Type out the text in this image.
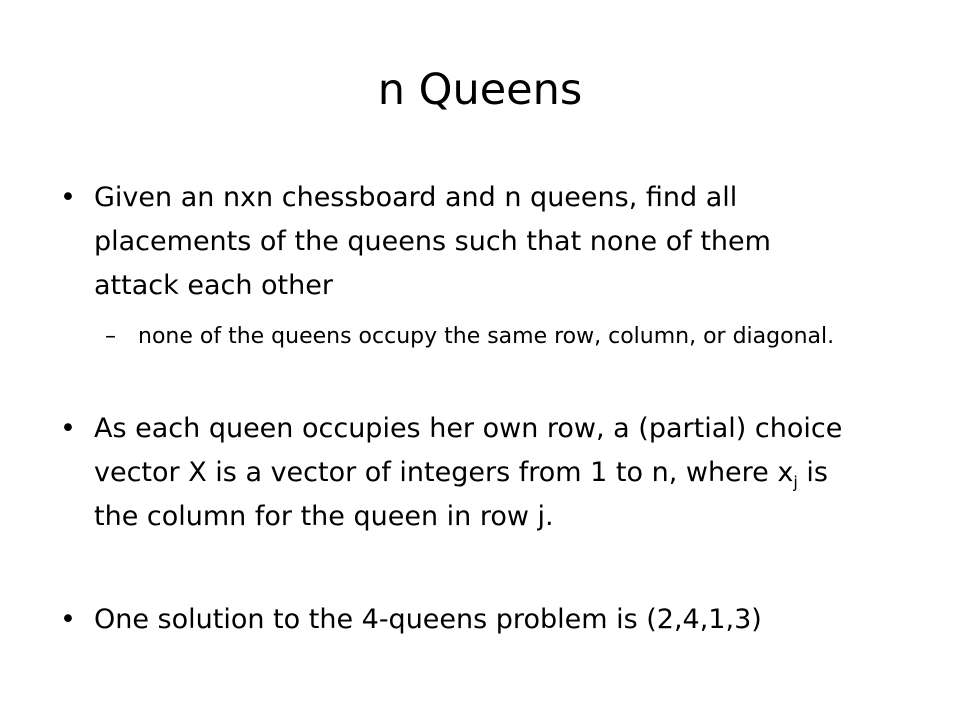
n Queens
• Given an nxn chessboard and n queens, find all placements of the queens such that none of them attack each other
–	none of the queens occupy the same row, column, or diagonal.
• As each queen occupies her own row, a (partial) choice vector X is a vector of integers from 1 to n, where $x_j$ is the column for the queen in row j.
• One solution to the 4-queens problem is (2,4,1,3)
